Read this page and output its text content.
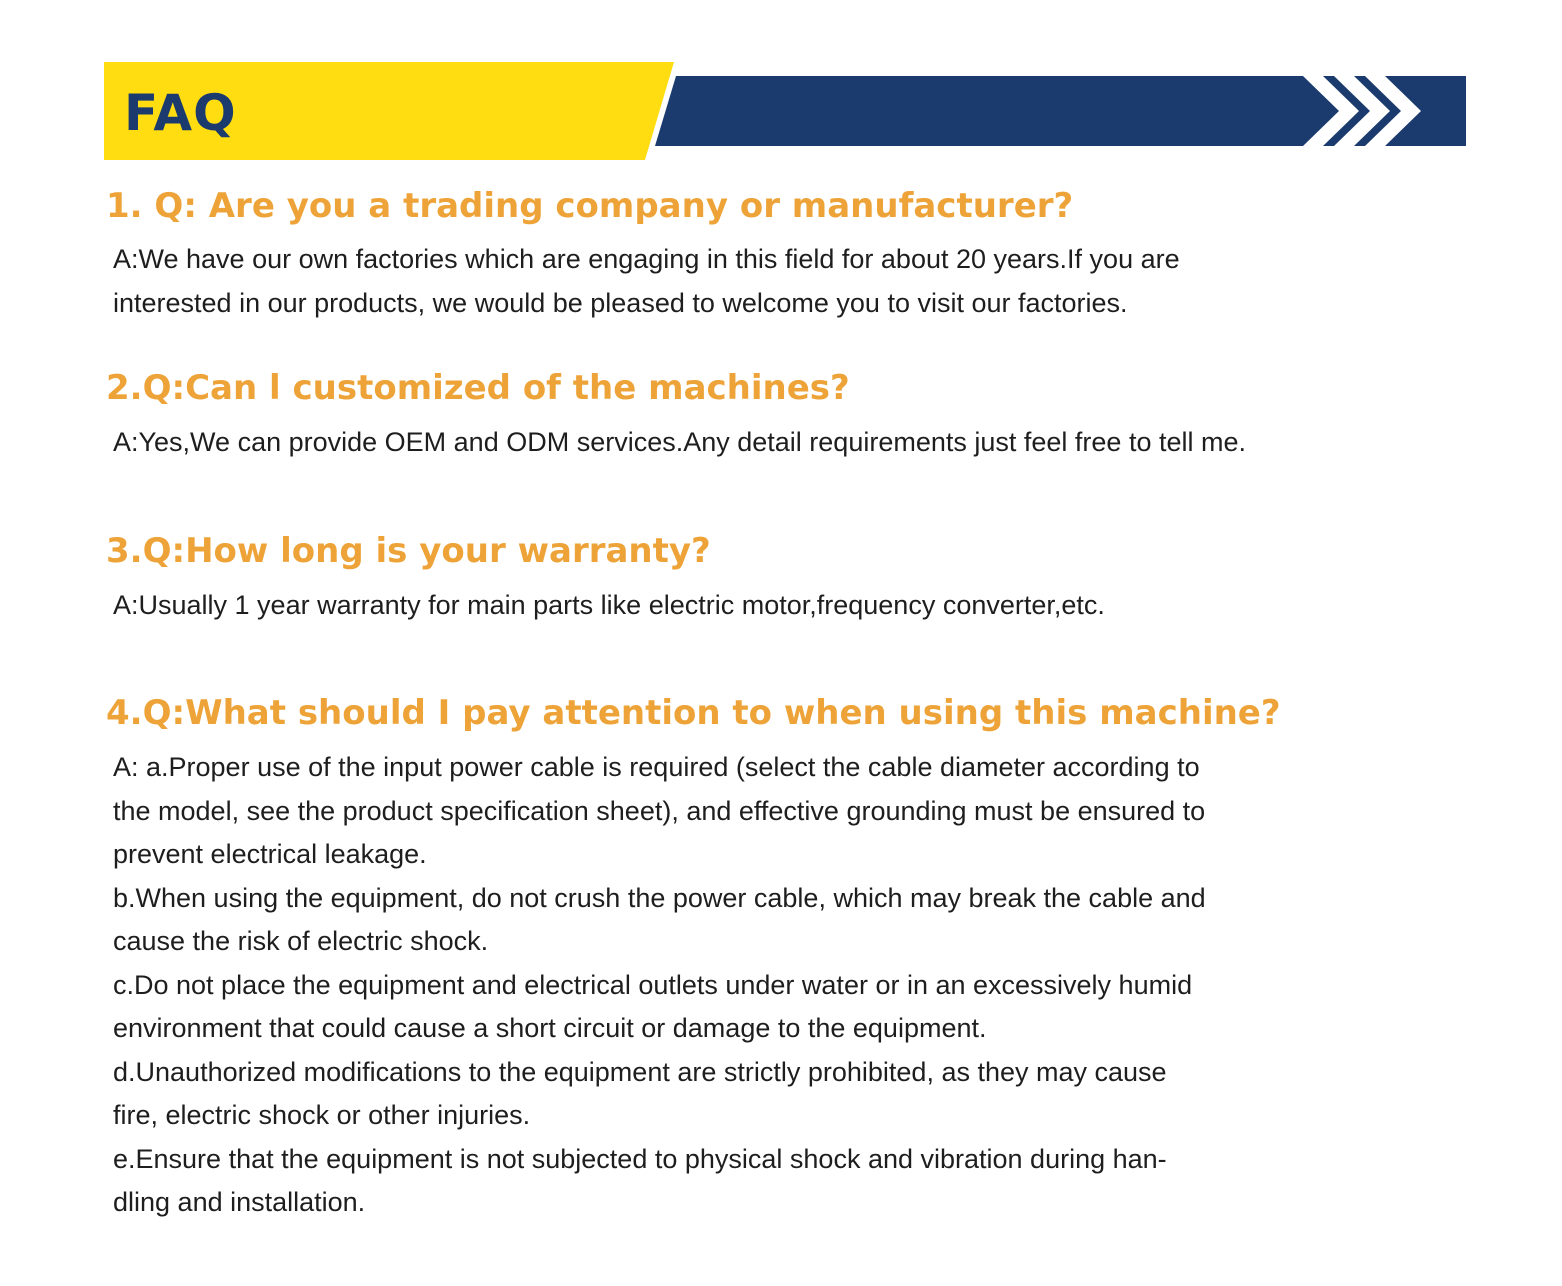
FAQ
1. Q: Are you a trading company or manufacturer?
A:We have our own factories which are engaging in this field for about 20 years.If you are
interested in our products, we would be pleased to welcome you to visit our factories.
2.Q:Can l customized of the machines?
A:Yes,We can provide OEM and ODM services.Any detail requirements just feel free to tell me.
3.Q:How long is your warranty?
A:Usually 1 year warranty for main parts like electric motor,frequency converter,etc.
4.Q:What should I pay attention to when using this machine?
A: a.Proper use of the input power cable is required (select the cable diameter according to
the model, see the product specification sheet), and effective grounding must be ensured to
prevent electrical leakage.
b.When using the equipment, do not crush the power cable, which may break the cable and
cause the risk of electric shock.
c.Do not place the equipment and electrical outlets under water or in an excessively humid
environment that could cause a short circuit or damage to the equipment.
d.Unauthorized modifications to the equipment are strictly prohibited, as they may cause
fire, electric shock or other injuries.
e.Ensure that the equipment is not subjected to physical shock and vibration during han-
dling and installation.
